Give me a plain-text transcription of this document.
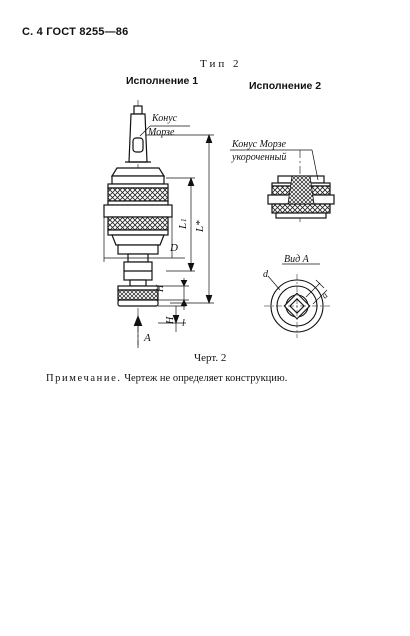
С. 4 ГОСТ 8255—86
Тип 2
Исполнение 1	Исполнение 2
Конус
Морзе
Конус Морзе
укороченный
Вид А
L*
L
1
D
H
H l
d
a
A
Черт. 2
Примечание. Чертеж не определяет конструкцию.
